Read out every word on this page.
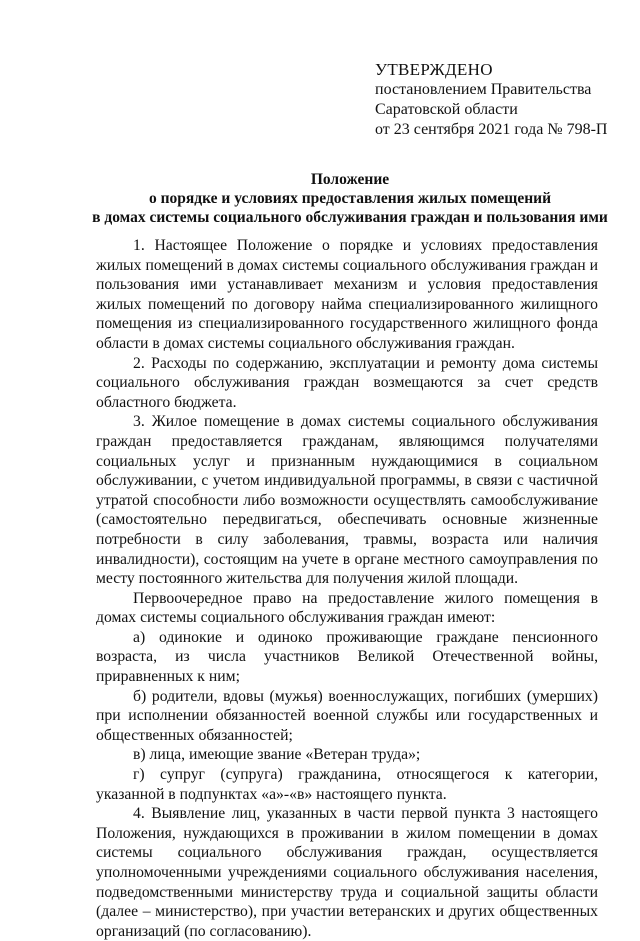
УТВЕРЖДЕНО
постановлением Правительства
Саратовской области
от 23 сентября 2021 года № 798-П
Положение
о порядке и условиях предоставления жилых помещений
в домах системы социального обслуживания граждан и пользования ими

1. Настоящее Положение о порядке и условиях предоставления жилых помещений в домах системы социального обслуживания граждан и пользования ими устанавливает механизм и условия предоставления жилых помещений по договору найма специализированного жилищного помещения из специализированного государственного жилищного фонда области в домах системы социального обслуживания граждан.

2. Расходы по содержанию, эксплуатации и ремонту дома системы социального обслуживания граждан возмещаются за счет средств областного бюджета.

3. Жилое помещение в домах системы социального обслуживания граждан предоставляется гражданам, являющимся получателями социальных услуг и признанным нуждающимися в социальном обслуживании, с учетом индивидуальной программы, в связи с частичной утратой способности либо возможности осуществлять самообслуживание (самостоятельно передвигаться, обеспечивать основные жизненные потребности в силу заболевания, травмы, возраста или наличия инвалидности), состоящим на учете в органе местного самоуправления по месту постоянного жительства для получения жилой площади.

Первоочередное право на предоставление жилого помещения в домах системы социального обслуживания граждан имеют:

а) одинокие и одиноко проживающие граждане пенсионного возраста, из числа участников Великой Отечественной войны, приравненных к ним;

б) родители, вдовы (мужья) военнослужащих, погибших (умерших) при исполнении обязанностей военной службы или государственных и общественных обязанностей;

в) лица, имеющие звание «Ветеран труда»;

г) супруг (супруга) гражданина, относящегося к категории, указанной в подпунктах «а»-«в» настоящего пункта.

4. Выявление лиц, указанных в части первой пункта 3 настоящего Положения, нуждающихся в проживании в жилом помещении в домах системы социального обслуживания граждан, осуществляется уполномоченными учреждениями социального обслуживания населения, подведомственными министерству труда и социальной защиты области (далее – министерство), при участии ветеранских и других общественных организаций (по согласованию).
